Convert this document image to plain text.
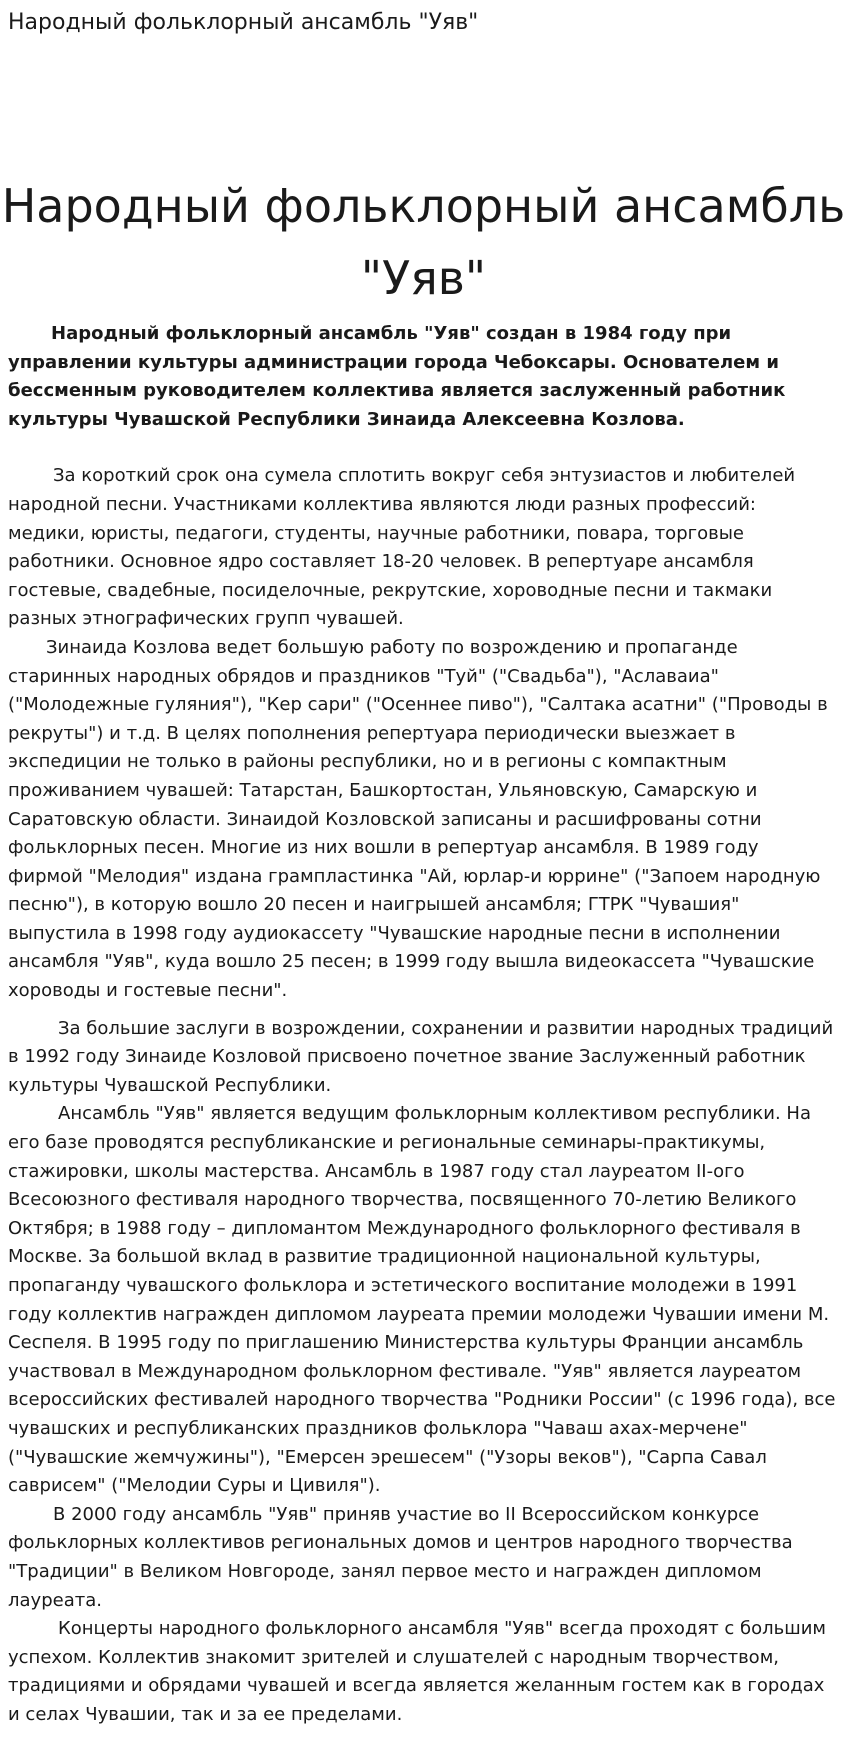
Народный фольклорный ансамбль "Уяв"
Народный фольклорный ансамбль "Уяв"

Народный фольклорный ансамбль "Уяв" создан в 1984 году при управлении культуры администрации города Чебоксары. Основателем и бессменным руководителем коллектива является заслуженный работник культуры Чувашской Республики Зинаида Алексеевна Козлова.

За короткий срок она сумела сплотить вокруг себя энтузиастов и любителей народной песни. Участниками коллектива являются люди разных профессий: медики, юристы, педагоги, студенты, научные работники, повара, торговые работники. Основное ядро составляет 18-20 человек. В репертуаре ансамбля гостевые, свадебные, посиделочные, рекрутские, хороводные песни и такмаки разных этнографических групп чувашей.

Зинаида Козлова ведет большую работу по возрождению и пропаганде старинных народных обрядов и праздников "Туй" ("Свадьба"), "Аславаиа" ("Молодежные гуляния"), "Кер сари" ("Осеннее пиво"), "Салтака асатни" ("Проводы в рекруты") и т.д. В целях пополнения репертуара периодически выезжает в экспедиции не только в районы республики, но и в регионы с компактным проживанием чувашей: Татарстан, Башкортостан, Ульяновскую, Самарскую и Саратовскую области. Зинаидой Козловской записаны и расшифрованы сотни фольклорных песен. Многие из них вошли в репертуар ансамбля. В 1989 году фирмой "Мелодия" издана грампластинка "Ай, юрлар-и юррине" ("Запоем народную песню"), в которую вошло 20 песен и наигрышей ансамбля; ГТРК "Чувашия" выпустила в 1998 году аудиокассету "Чувашские народные песни в исполнении ансамбля "Уяв", куда вошло 25 песен; в 1999 году вышла видеокассета "Чувашские хороводы и гостевые песни".

За большие заслуги в возрождении, сохранении и развитии народных традиций в 1992 году Зинаиде Козловой присвоено почетное звание Заслуженный работник культуры Чувашской Республики.

Ансамбль "Уяв" является ведущим фольклорным коллективом республики. На его базе проводятся республиканские и региональные семинары-практикумы, стажировки, школы мастерства. Ансамбль в 1987 году стал лауреатом II-ого Всесоюзного фестиваля народного творчества, посвященного 70-летию Великого Октября; в 1988 году – дипломантом Международного фольклорного фестиваля в Москве. За большой вклад в развитие традиционной национальной культуры, пропаганду чувашского фольклора и эстетического воспитание молодежи в 1991 году коллектив награжден дипломом лауреата премии молодежи Чувашии имени М. Сеспеля. В 1995 году по приглашению Министерства культуры Франции ансамбль участвовал в Международном фольклорном фестивале. "Уяв" является лауреатом всероссийских фестивалей народного творчества "Родники России" (с 1996 года), все чувашских и республиканских праздников фольклора "Чаваш ахах-мерчене" ("Чувашские жемчужины"), "Емерсен эрешесем" ("Узоры веков"), "Сарпа Савал саврисем" ("Мелодии Суры и Цивиля").

В 2000 году ансамбль "Уяв" приняв участие во II Всероссийском конкурсе фольклорных коллективов региональных домов и центров народного творчества "Традиции" в Великом Новгороде, занял первое место и награжден дипломом лауреата.

Концерты народного фольклорного ансамбля "Уяв" всегда проходят с большим успехом. Коллектив знакомит зрителей и слушателей с народным творчеством, традициями и обрядами чувашей и всегда является желанным гостем как в городах и селах Чувашии, так и за ее пределами.
